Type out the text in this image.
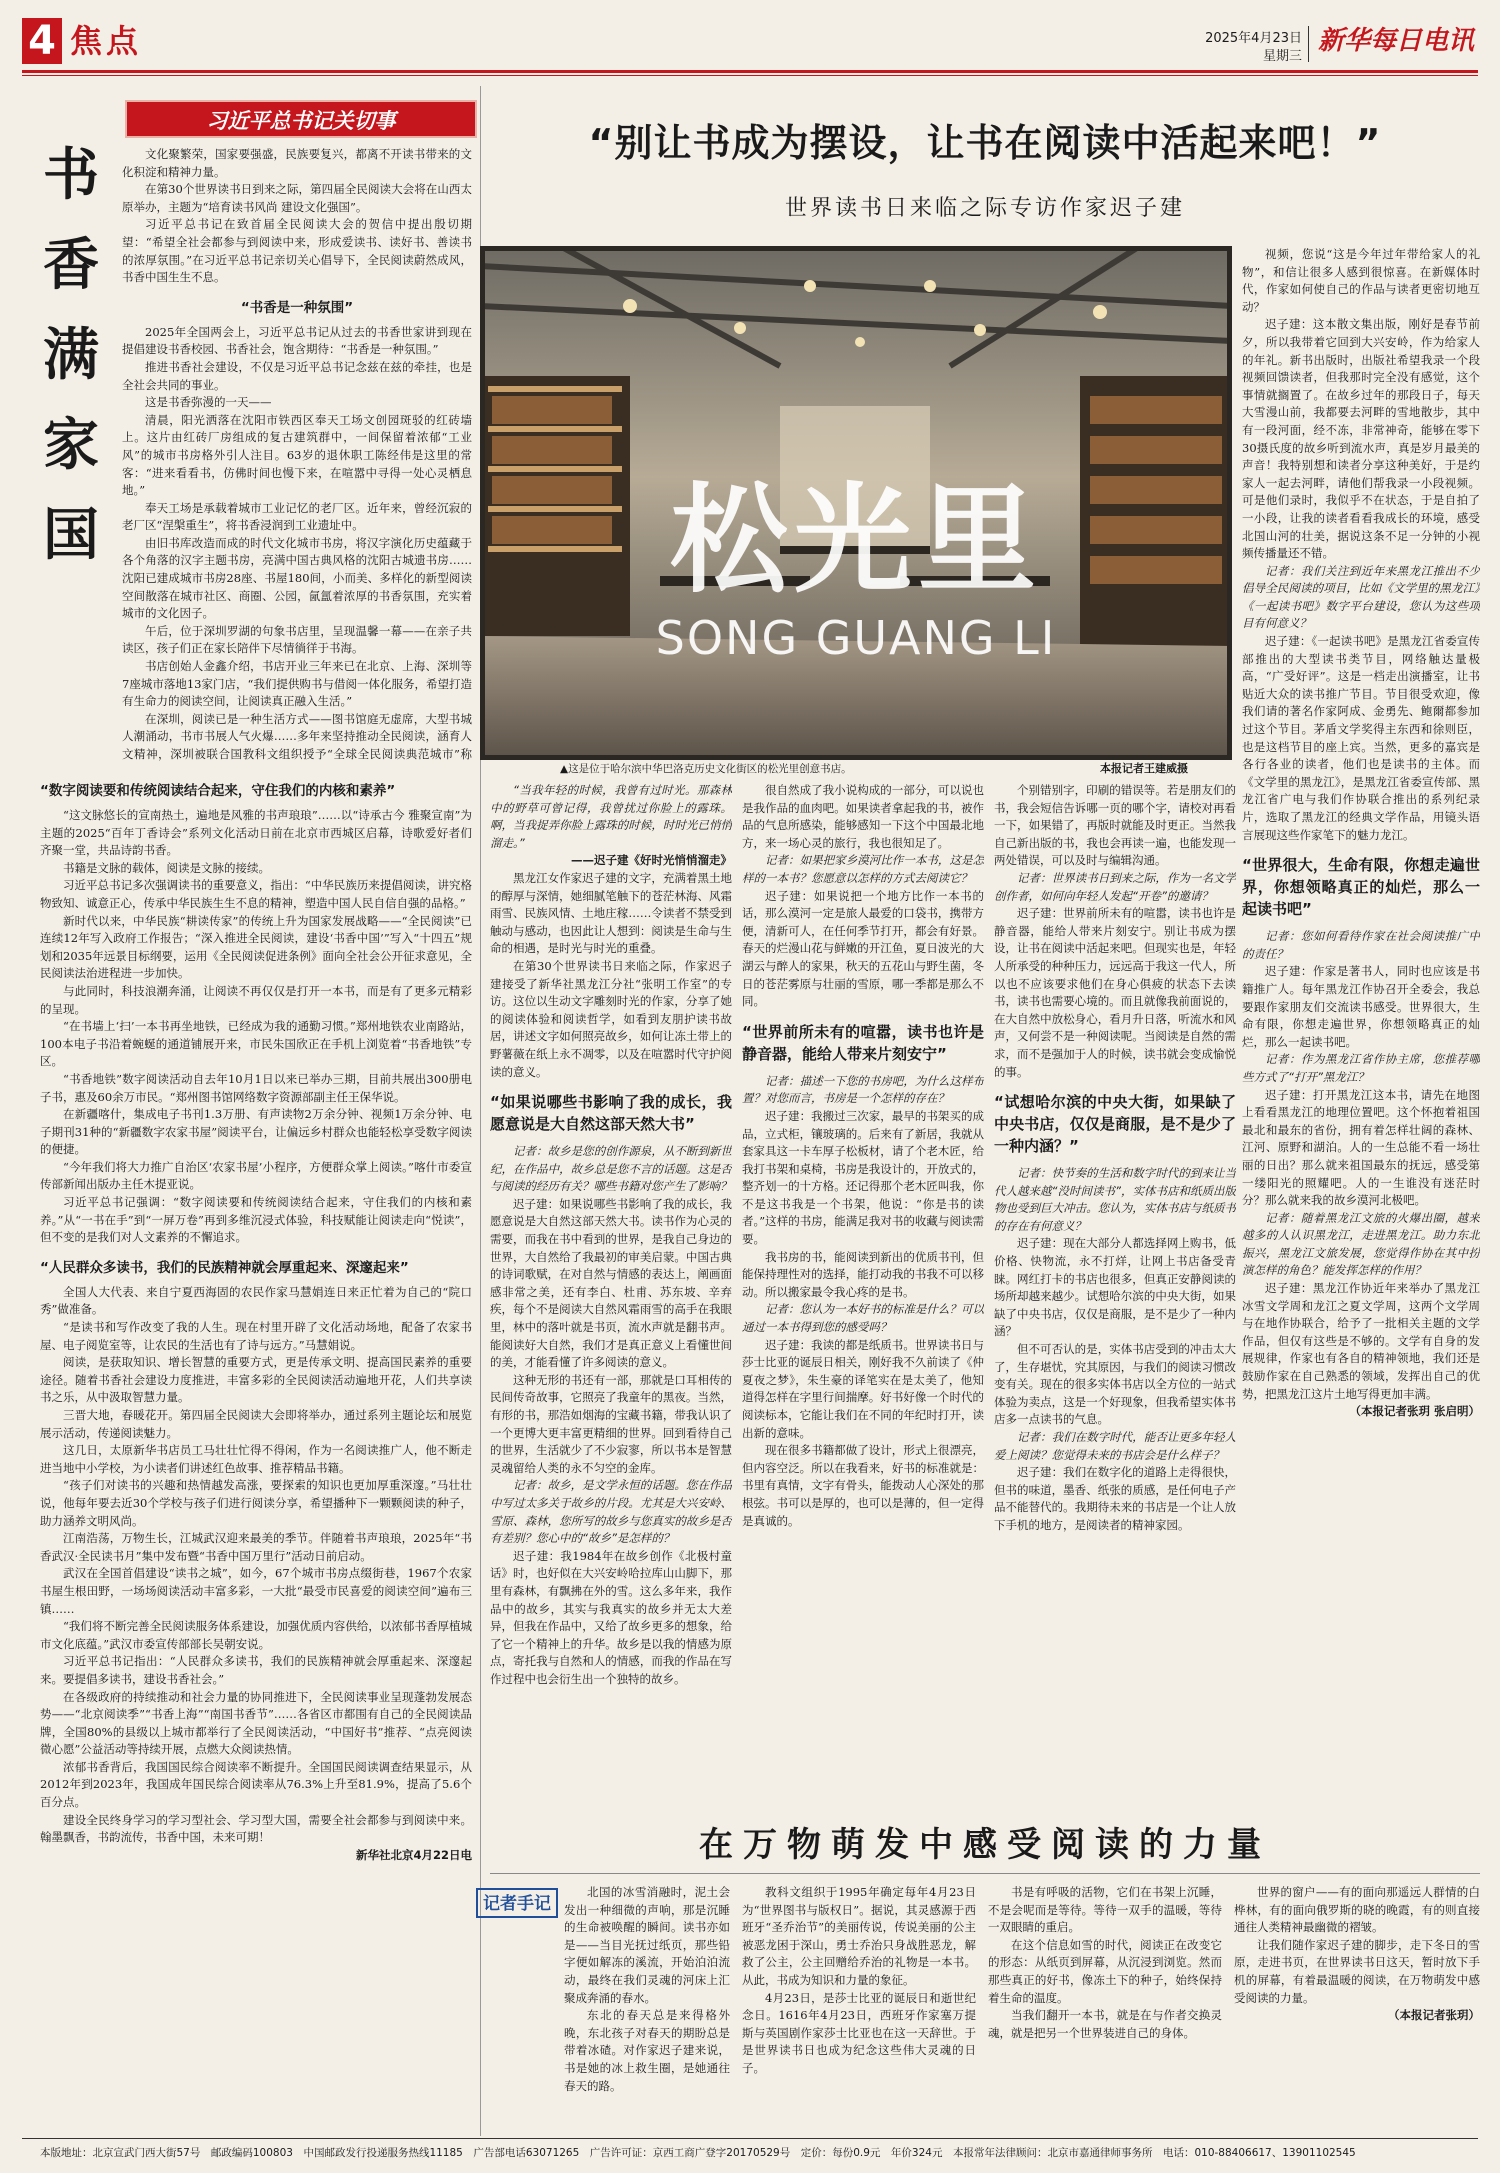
4 焦点	2025年4月23日
星期三
新华每日电讯
习近平总书记关切事
书
香
满
家
国

文化聚繁荣，国家要强盛，民族要复兴，都离不开读书带来的文化积淀和精神力量。

在第30个世界读书日到来之际，第四届全民阅读大会将在山西太原举办，主题为“培育读书风尚 建设文化强国”。

习近平总书记在致首届全民阅读大会的贺信中提出殷切期望：“希望全社会都参与到阅读中来，形成爱读书、读好书、善读书的浓厚氛围。”在习近平总书记亲切关心倡导下，全民阅读蔚然成风，书香中国生生不息。

“书香是一种氛围”

2025年全国两会上，习近平总书记从过去的书香世家讲到现在提倡建设书香校园、书香社会，饱含期待：“书香是一种氛围。”

推进书香社会建设，不仅是习近平总书记念兹在兹的牵挂，也是全社会共同的事业。

这是书香弥漫的一天——

清晨，阳光洒落在沈阳市铁西区奉天工场文创园斑驳的红砖墙上。这片由红砖厂房组成的复古建筑群中，一间保留着浓郁“工业风”的城市书房格外引人注目。63岁的退休职工陈经伟是这里的常客：“进来看看书，仿佛时间也慢下来，在喧嚣中寻得一处心灵栖息地。”

奉天工场是承载着城市工业记忆的老厂区。近年来，曾经沉寂的老厂区“涅槃重生”，将书香浸润到工业遗址中。

由旧书库改造而成的时代文化城市书房，将汉字演化历史蕴藏于各个角落的汉字主题书房，亮满中国古典风格的沈阳古城遗书房……沈阳已建成城市书房28座、书屋180间，小而美、多样化的新型阅读空间散落在城市社区、商圈、公园，氤氲着浓厚的书香氛围，充实着城市的文化因子。

午后，位于深圳罗湖的句象书店里，呈现温馨一幕——在亲子共读区，孩子们正在家长陪伴下尽情徜徉于书海。

书店创始人金鑫介绍，书店开业三年来已在北京、上海、深圳等7座城市落地13家门店，“我们提供购书与借阅一体化服务，希望打造有生命力的阅读空间，让阅读真正融入生活。”

在深圳，阅读已是一种生活方式——图书馆庭无虚席，大型书城人潮涌动，书市书展人气火爆……多年来坚持推动全民阅读，涵育人文精神，深圳被联合国教科文组织授予“全球全民阅读典范城市”称

“数字阅读要和传统阅读结合起来，守住我们的内核和素养”

“这文脉悠长的宣南热土，遍地是风雅的书声琅琅”……以“诗承古今 雅聚宣南”为主题的2025“百年丁香诗会”系列文化活动日前在北京市西城区启幕，诗歌爱好者们齐聚一堂，共品诗韵书香。

书籍是文脉的载体，阅读是文脉的接续。

习近平总书记多次强调读书的重要意义，指出：“中华民族历来提倡阅读，讲究格物致知、诚意正心，传承中华民族生生不息的精神，塑造中国人民自信自强的品格。”

新时代以来，中华民族“耕读传家”的传统上升为国家发展战略——“全民阅读”已连续12年写入政府工作报告；“深入推进全民阅读，建设‘书香中国’”写入“十四五”规划和2035年远景目标纲要，运用《全民阅读促进条例》面向全社会公开征求意见，全民阅读法治进程进一步加快。

与此同时，科技浪潮奔涌，让阅读不再仅仅是打开一本书，而是有了更多元精彩的呈现。

“在书墙上‘扫’一本书再坐地铁，已经成为我的通勤习惯。”郑州地铁农业南路站，100本电子书沿着蜿蜒的通道铺展开来，市民朱国欣正在手机上浏览着“书香地铁”专区。

“书香地铁”数字阅读活动自去年10月1日以来已举办三期，目前共展出300册电子书，惠及60余万市民。“郑州图书馆网络数字资源部副主任王保华说。

在新疆喀什，集成电子书刊1.3万册、有声读物2万余分钟、视频1万余分钟、电子期刊31种的“新疆数字农家书屋”阅读平台，让偏远乡村群众也能轻松享受数字阅读的便捷。

“今年我们将大力推广自治区‘农家书屋’小程序，方便群众掌上阅读。”喀什市委宣传部新闻出版办主任木提亚说。

习近平总书记强调：“数字阅读要和传统阅读结合起来，守住我们的内核和素养。”从“一书在手”到“一屏万卷”再到多维沉浸式体验，科技赋能让阅读走向“悦读”，但不变的是我们对人文素养的不懈追求。

“人民群众多读书，我们的民族精神就会厚重起来、深邃起来”

全国人大代表、来自宁夏西海固的农民作家马慧娟连日来正忙着为自己的“院口秀”做准备。

“是读书和写作改变了我的人生。现在村里开辟了文化活动场地，配备了农家书屋、电子阅览室等，让农民的生活也有了诗与远方。”马慧娟说。

阅读，是获取知识、增长智慧的重要方式，更是传承文明、提高国民素养的重要途径。随着书香社会建设力度推进，丰富多彩的全民阅读活动遍地开花，人们共享读书之乐，从中汲取智慧力量。

三晋大地，春暖花开。第四届全民阅读大会即将举办，通过系列主题论坛和展览展示活动，传递阅读魅力。

这几日，太原新华书店员工马壮壮忙得不得闲，作为一名阅读推广人，他不断走进当地中小学校，为小读者们讲述红色故事、推荐精品书籍。

“孩子们对读书的兴趣和热情越发高涨，要探索的知识也更加厚重深邃。”马壮壮说，他每年要去近30个学校与孩子们进行阅读分享，希望播种下一颗颗阅读的种子，助力涵养文明风尚。

江南浩荡，万物生长，江城武汉迎来最美的季节。伴随着书声琅琅，2025年“书香武汉·全民读书月”集中发布暨“书香中国万里行”活动日前启动。

武汉在全国首倡建设“读书之城”，如今，67个城市书房点缀街巷，1967个农家书屋生根田野，一场场阅读活动丰富多彩，一大批“最受市民喜爱的阅读空间”遍布三镇……

“我们将不断完善全民阅读服务体系建设，加强优质内容供给，以浓郁书香厚植城市文化底蕴。”武汉市委宣传部部长吴朝安说。

习近平总书记指出：“人民群众多读书，我们的民族精神就会厚重起来、深邃起来。要提倡多读书，建设书香社会。”

在各级政府的持续推动和社会力量的协同推进下，全民阅读事业呈现蓬勃发展态势——“北京阅读季”“书香上海”“南国书香节”……各省区市都围有自己的全民阅读品牌，全国80%的县级以上城市都举行了全民阅读活动，“中国好书”推荐、“点亮阅读微心愿”公益活动等持续开展，点燃大众阅读热情。

浓郁书香背后，我国国民综合阅读率不断提升。全国国民阅读调查结果显示，从2012年到2023年，我国成年国民综合阅读率从76.3%上升至81.9%，提高了5.6个百分点。

建设全民终身学习的学习型社会、学习型大国，需要全社会都参与到阅读中来。翰墨飘香，书韵流传，书香中国，未来可期！

新华社北京4月22日电
“别让书成为摆设，让书在阅读中活起来吧！”
世界读书日来临之际专访作家迟子建
松光里
SONG GUANG LI
▲这是位于哈尔滨中华巴洛克历史文化街区的松光里创意书店。	本报记者王建威摄

视频，您说“这是今年过年带给家人的礼物”，和信让很多人感到很惊喜。在新媒体时代，作家如何使自己的作品与读者更密切地互动？

迟子建：这本散文集出版，刚好是春节前夕，所以我带着它回到大兴安岭，作为给家人的年礼。新书出版时，出版社希望我录一个段视频回馈读者，但我那时完全没有感觉，这个事情就搁置了。在故乡过年的那段日子，每天大雪漫山前，我都要去河畔的雪地散步，其中有一段河面，经不冻，非常神奇，能够在零下30摄氏度的故乡听到流水声，真是岁月最美的声音！我特别想和读者分享这种美好，于是约家人一起去河畔，请他们帮我录一小段视频。可是他们录时，我似乎不在状态，于是自拍了一小段，让我的读者看看我成长的环境，感受北国山河的壮美，据说这条不足一分钟的小视频传播量还不错。

记者：我们关注到近年来黑龙江推出不少倡导全民阅读的项目，比如《文学里的黑龙江》《一起读书吧》数字平台建设，您认为这些项目有何意义？

迟子建：《一起读书吧》是黑龙江省委宣传部推出的大型读书类节目，网络触达量极高，“广受好评”。这是一档走出演播室，让书贴近大众的读书推广节目。节目很受欢迎，像我们请的著名作家阿成、金勇先、鲍爾都参加过这个节目。茅盾文学奖得主东西和徐则臣，也是这档节目的座上宾。当然，更多的嘉宾是各行各业的读者，他们也是读书的主体。而《文学里的黑龙江》，是黑龙江省委宣传部、黑龙江省广电与我们作协联合推出的系列纪录片，选取了黑龙江的经典文学作品，用镜头语言展现这些作家笔下的魅力龙江。

“世界很大，生命有限，你想走遍世界，你想领略真正的灿烂，那么一起读书吧”

记者：您如何看待作家在社会阅读推广中的责任？

迟子建：作家是著书人，同时也应该是书籍推广人。每年黑龙江作协召开全委会，我总要跟作家朋友们交流读书感受。世界很大，生命有限，你想走遍世界，你想领略真正的灿烂，那么一起读书吧。

记者：作为黑龙江省作协主席，您推荐哪些方式了“打开”黑龙江？

迟子建：打开黑龙江这本书，请先在地图上看看黑龙江的地理位置吧。这个怀抱着祖国最北和最东的省份，拥有着怎样壮阔的森林、江河、原野和湖泊。人的一生总能不看一场壮丽的日出？那么就来祖国最东的抚远，感受第一缕阳光的照耀吧。人的一生谁没有迷茫时分？那么就来我的故乡漠河北极吧。

记者：随着黑龙江文旅的火爆出圈，越来越多的人认识黑龙江，走进黑龙江。助力东北振兴，黑龙江文旅发展，您觉得作协在其中扮演怎样的角色？能发挥怎样的作用？

迟子建：黑龙江作协近年来举办了黑龙江冰雪文学周和龙江之夏文学周，这两个文学周与在地作协联合，给予了一批相关主题的文学作品，但仅有这些是不够的。文学有自身的发展规律，作家也有各自的精神领地，我们还是鼓励作家在自己熟悉的领域，发挥出自己的优势，把黑龙江这片土地写得更加丰满。

（本报记者张玥 张启明）

“当我年轻的时候，我曾有过时光。那森林中的野草可曾记得，我曾扰过你脸上的露珠。啊，当我捉弄你脸上露珠的时候，时时光已悄悄溜走。”

——迟子建《好时光悄悄溜走》

黑龙江女作家迟子建的文字，充满着黑土地的醇厚与深情，她细腻笔触下的苍茫林海、风霜雨雪、民族风情、土地庄稼……令读者不禁受到触动与感动，也因此让人想到：阅读是生命与生命的相遇，是时光与时光的重叠。

在第30个世界读书日来临之际，作家迟子建接受了新华社黑龙江分社“张明工作室”的专访。这位以生动文字雕刻时光的作家，分享了她的阅读体验和阅读哲学，如看到友朋护读书故居，讲述文字如何照亮故乡，如何让冻土带上的野薯薇在纸上永不凋零，以及在喧嚣时代守护阅读的意义。

“如果说哪些书影响了我的成长，我愿意说是大自然这部天然大书”

记者：故乡是您的创作源泉，从不断到新世纪，在作品中，故乡总是您不言的话题。这是否与阅读的经历有关？哪些书籍对您产生了影响？

迟子建：如果说哪些书影响了我的成长，我愿意说是大自然这部天然大书。读书作为心灵的需要，而我在书中看到的世界，是我自己身边的世界，大自然给了我最初的审美启蒙。中国古典的诗词歌赋，在对自然与情感的表达上，阐画面感非常之美，还有李白、杜甫、苏东坡、辛弃疾，每个不是阅读大自然风霜雨雪的高手在我眼里，林中的落叶就是书页，流水声就是翻书声。能阅读好大自然，我们才是真正意义上看懂世间的美，才能看懂了许多阅读的意义。

这种无形的书还有一部，那就是口耳相传的民间传奇故事，它照亮了我童年的黑夜。当然，有形的书，那浩如烟海的宝藏书籍，带我认识了一个更博大更丰富更精细的世界。回到看待自己的世界，生活就少了不少寂寥，所以书本是智慧灵魂留给人类的永不匀空的金库。

记者：故乡，是文学永恒的话题。您在作品中写过太多关于故乡的片段。尤其是大兴安岭、雪原、森林，您所写的故乡与您真实的故乡是否有差别？您心中的“故乡”是怎样的？

迟子建：我1984年在故乡创作《北极村童话》时，也好似在大兴安岭哈拉库山山脚下，那里有森林，有飘拂在外的雪。这么多年来，我作品中的故乡，其实与我真实的故乡并无太大差异，但我在作品中，又给了故乡更多的想象，给了它一个精神上的升华。故乡是以我的情感为原点，寄托我与自然和人的情感，而我的作品在写作过程中也会衍生出一个独特的故乡。

很自然成了我小说构成的一部分，可以说也是我作品的血肉吧。如果读者拿起我的书，被作品的气息所感染，能够感知一下这个中国最北地方，来一场心灵的旅行，我也很知足了。

记者：如果把家乡漠河比作一本书，这是怎样的一本书？您愿意以怎样的方式去阅读它？

迟子建：如果说把一个地方比作一本书的话，那么漠河一定是旅人最爱的口袋书，携带方便，清新可人，在任何季节打开，都会有好景。春天的烂漫山花与鲜嫩的开江鱼，夏日波光的大湖云与醉人的家果，秋天的五花山与野生菌，冬日的苍茫雾原与壮丽的雪原，哪一季都是那么不同。

“世界前所未有的喧嚣，读书也许是静音器，能给人带来片刻安宁”

记者：描述一下您的书房吧，为什么这样布置？对您而言，书房是一个怎样的存在？

迟子建：我搬过三次家，最早的书架买的成品，立式柜，镶玻璃的。后来有了新居，我就从套家具这一卡车厚子松板材，请了个老木匠，给我打书架和桌椅，书房是我设计的，开放式的，整齐划一的十方格。还记得那个老木匠叫我，你不是这书我是一个书架，他说：“你是书的读者。”这样的书房，能满足我对书的收藏与阅读需要。

我书房的书，能阅读到新出的优质书刊，但能保持理性对的选择，能打动我的书我不可以移动。所以搬家最令我心疼的是书。

记者：您认为一本好书的标准是什么？可以通过一本书得到您的感受吗？

迟子建：我读的都是纸质书。世界读书日与莎士比亚的诞辰日相关，刚好我不久前读了《仲夏夜之梦》，朱生豪的译笔实在是太美了，他知道得怎样在字里行间揣摩。好书好像一个时代的阅读标本，它能让我们在不同的年纪时打开，读出新的意味。

现在很多书籍都做了设计，形式上很漂亮，但内容空泛。所以在我看来，好书的标准就是：书里有真情，文字有骨头，能拨动人心深处的那根弦。书可以是厚的，也可以是薄的，但一定得是真诚的。

个别错别字，印刷的错误等。若是朋友们的书，我会短信告诉哪一页的哪个字，请校对再看一下，如果错了，再版时就能及时更正。当然我自己新出版的书，我也会再读一遍，也能发现一两处错误，可以及时与编辑沟通。

记者：世界读书日到来之际，作为一名文学创作者，如何向年轻人发起“开卷”的邀请？

迟子建：世界前所未有的喧嚣，读书也许是静音器，能给人带来片刻安宁。别让书成为摆设，让书在阅读中活起来吧。但现实也是，年轻人所承受的种种压力，远远高于我这一代人，所以也不应该要求他们在身心俱疲的状态下去读书，读书也需要心境的。而且就像我前面说的，在大自然中放松身心，看月升日落，听流水和风声，又何尝不是一种阅读呢。当阅读是自然的需求，而不是强加于人的时候，读书就会变成愉悦的事。

“试想哈尔滨的中央大街，如果缺了中央书店，仅仅是商服，是不是少了一种内涵？”

记者：快节奏的生活和数字时代的到来让当代人越来越“没时间读书”，实体书店和纸质出版物也受到巨大冲击。您认为，实体书店与纸质书的存在有何意义？

迟子建：现在大部分人都选择网上购书，低价格、快物流，永不打烊，让网上书店备受青睐。网红打卡的书店也很多，但真正安静阅读的场所却越来越少。试想哈尔滨的中央大街，如果缺了中央书店，仅仅是商服，是不是少了一种内涵？

但不可否认的是，实体书店受到的冲击太大了，生存堪忧，究其原因，与我们的阅读习惯改变有关。现在的很多实体书店以全方位的一站式体验为卖点，这是一个好现象，但我希望实体书店多一点读书的气息。

记者：我们在数字时代，能否让更多年轻人爱上阅读？您觉得未来的书店会是什么样子？

迟子建：我们在数字化的道路上走得很快，但书的味道，墨香、纸张的质感，是任何电子产品不能替代的。我期待未来的书店是一个让人放下手机的地方，是阅读者的精神家园。

在万物萌发中感受阅读的力量
记者手记

北国的冰雪消融时，泥土会发出一种细微的声响，那是沉睡的生命被唤醒的瞬间。读书亦如是——当目光抚过纸页，那些铅字便如解冻的溪流，开始泊泊流动，最终在我们灵魂的河床上汇聚成奔涌的春水。

东北的春天总是来得格外晚，东北孩子对春天的期盼总是带着冰碴。对作家迟子建来说，书是她的冰上救生圈，是她通往春天的路。

教科文组织于1995年确定每年4月23日为“世界图书与版权日”。据说，其灵感源于西班牙“圣乔治节”的美丽传说，传说美丽的公主被恶龙困于深山，勇士乔治只身战胜恶龙，解救了公主，公主回赠给乔治的礼物是一本书。从此，书成为知识和力量的象征。

4月23日，是莎士比亚的诞辰日和逝世纪念日。1616年4月23日，西班牙作家塞万提斯与英国剧作家莎士比亚也在这一天辞世。于是世界读书日也成为纪念这些伟大灵魂的日子。

书是有呼吸的活物，它们在书架上沉睡，不是会呢而是等待。等待一双手的温暖，等待一双眼睛的重启。

在这个信息如雪的时代，阅读正在改变它的形态：从纸页到屏幕，从沉浸到浏览。然而那些真正的好书，像冻土下的种子，始终保持着生命的温度。

当我们翻开一本书，就是在与作者交换灵魂，就是把另一个世界装进自己的身体。

世界的窗户——有的面向那遥远人群情的白桦林，有的面向俄罗斯的晓的晚霞，有的则直接通往人类精神最幽微的褶皱。

让我们随作家迟子建的脚步，走下冬日的雪原，走进书页，在世界读书日这天，暂时放下手机的屏幕，有着最温暖的阅读，在万物萌发中感受阅读的力量。

（本报记者张玥）
本版地址：北京宣武门西大街57号　邮政编码100803　中国邮政发行投递服务热线11185　广告部电话63071265　广告许可证：京西工商广登字20170529号　定价：每份0.9元　年价324元　本报常年法律顾问：北京市嘉通律师事务所　电话：010-88406617、13901102545
